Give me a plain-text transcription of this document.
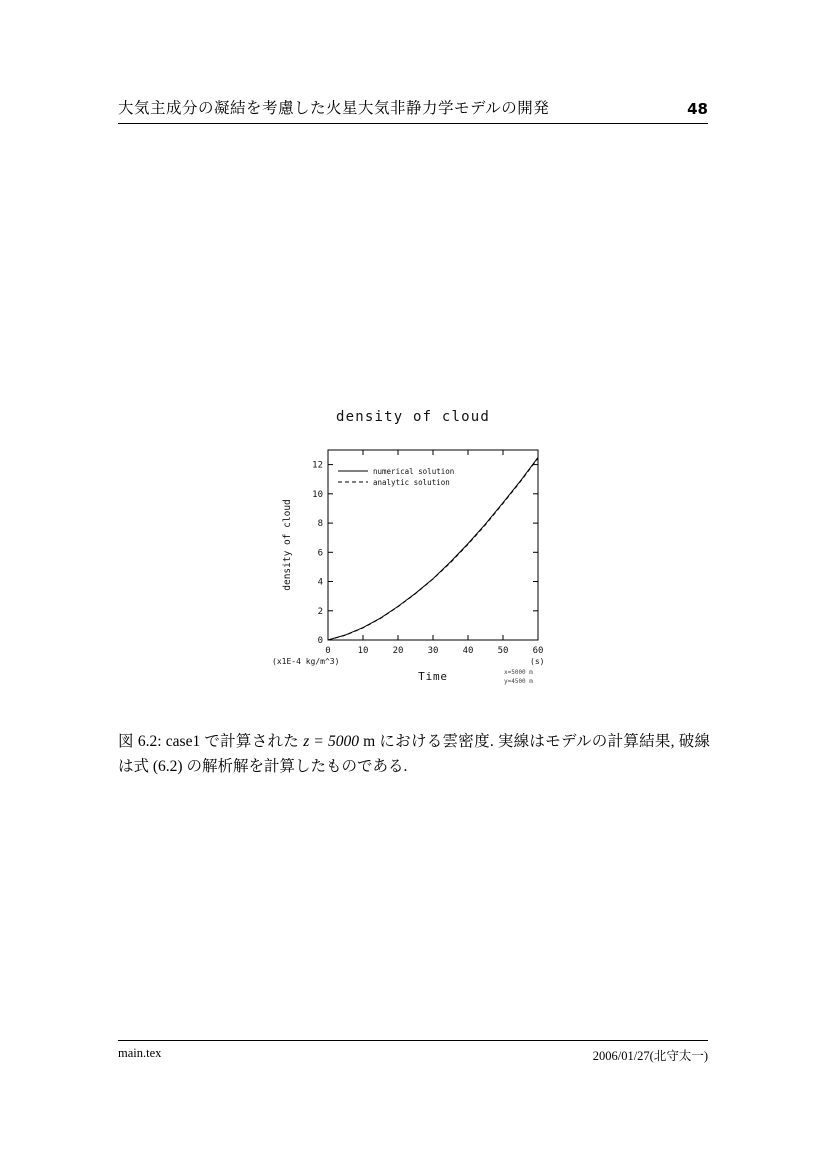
大気主成分の凝結を考慮した火星大気非静力学モデルの開発	48
density of cloud
0
2
4
6
8
10
12
0	10	20	30	40	50	60
density of cloud
Time
(x1E-4 kg/m^3)	(s)
numerical solution
analytic solution
x=5000 m
y=4500 m
図 6.2: case1 で計算された z = 5000 m における雲密度. 実線はモデルの計算結果, 破線は式 (6.2) の解析解を計算したものである.
main.tex	2006/01/27(北守太一)
